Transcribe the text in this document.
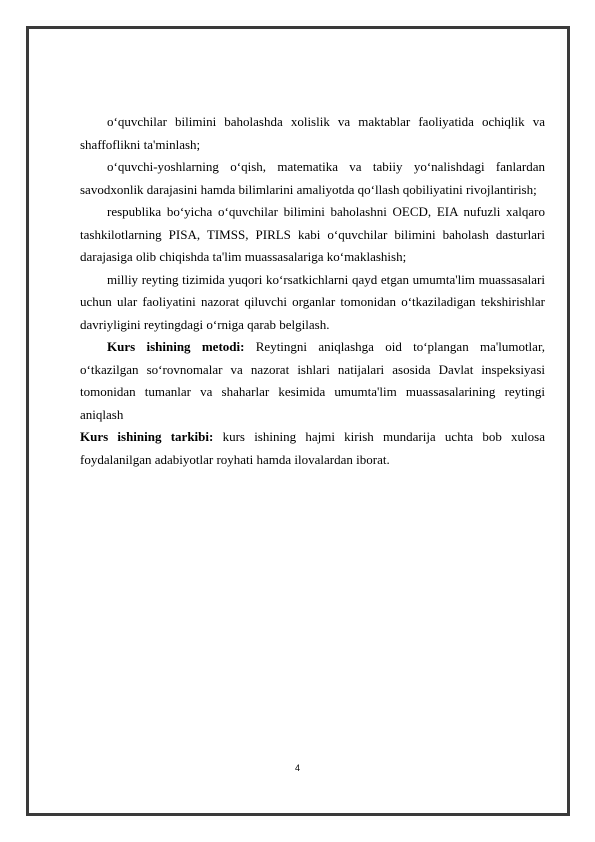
o‘quvchilar bilimini baholashda xolislik va maktablar faoliyatida ochiqlik va shaffoflikni ta'minlash;

o‘quvchi-yoshlarning o‘qish, matematika va tabiiy yo‘nalishdagi fanlardan savodxonlik darajasini hamda bilimlarini amaliyotda qo‘llash qobiliyatini rivojlantirish;

respublika bo‘yicha o‘quvchilar bilimini baholashni OECD, EIA nufuzli xalqaro tashkilotlarning PISA, TIMSS, PIRLS kabi o‘quvchilar bilimini baholash dasturlari darajasiga olib chiqishda ta'lim muassasalariga ko‘maklashish;

milliy reyting tizimida yuqori ko‘rsatkichlarni qayd etgan umumta'lim muassasalari uchun ular faoliyatini nazorat qiluvchi organlar tomonidan o‘tkaziladigan tekshirishlar davriyligini reytingdagi o‘rniga qarab belgilash.

Kurs ishining metodi: Reytingni aniqlashga oid to‘plangan ma'lumotlar, o‘tkazilgan so‘rovnomalar va nazorat ishlari natijalari asosida Davlat inspeksiyasi tomonidan tumanlar va shaharlar kesimida umumta'lim muassasalarining reytingi aniqlash

Kurs ishining tarkibi: kurs ishining hajmi kirish mundarija uchta bob xulosa foydalanilgan adabiyotlar royhati hamda ilovalardan iborat.

4
